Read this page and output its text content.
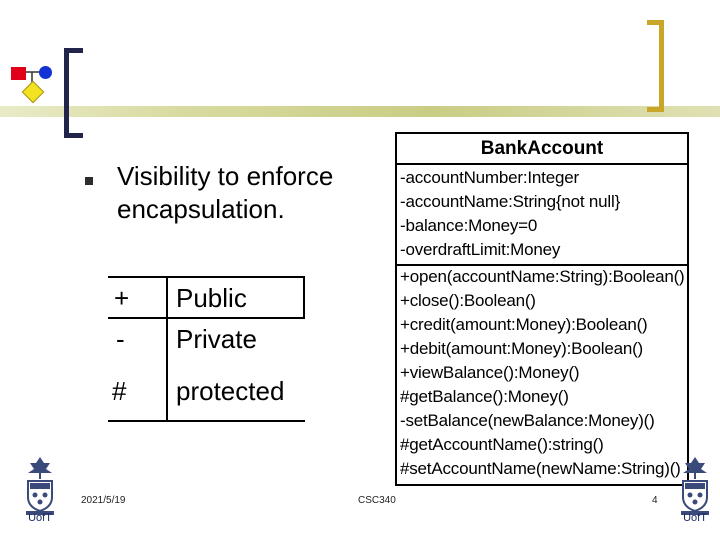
Visibility to enforce encapsulation.
+ Public
- Private
# protected
BankAccount
-accountNumber:Integer
-accountName:String{not null}
-balance:Money=0
-overdraftLimit:Money
+open(accountName:String):Boolean()
+close():Boolean()
+credit(amount:Money):Boolean()
+debit(amount:Money):Boolean()
+viewBalance():Money()
#getBalance():Money()
-setBalance(newBalance:Money)()
#getAccountName():string()
#setAccountName(newName:String)()
UofT	UofT
2021/5/19	CSC340	4
